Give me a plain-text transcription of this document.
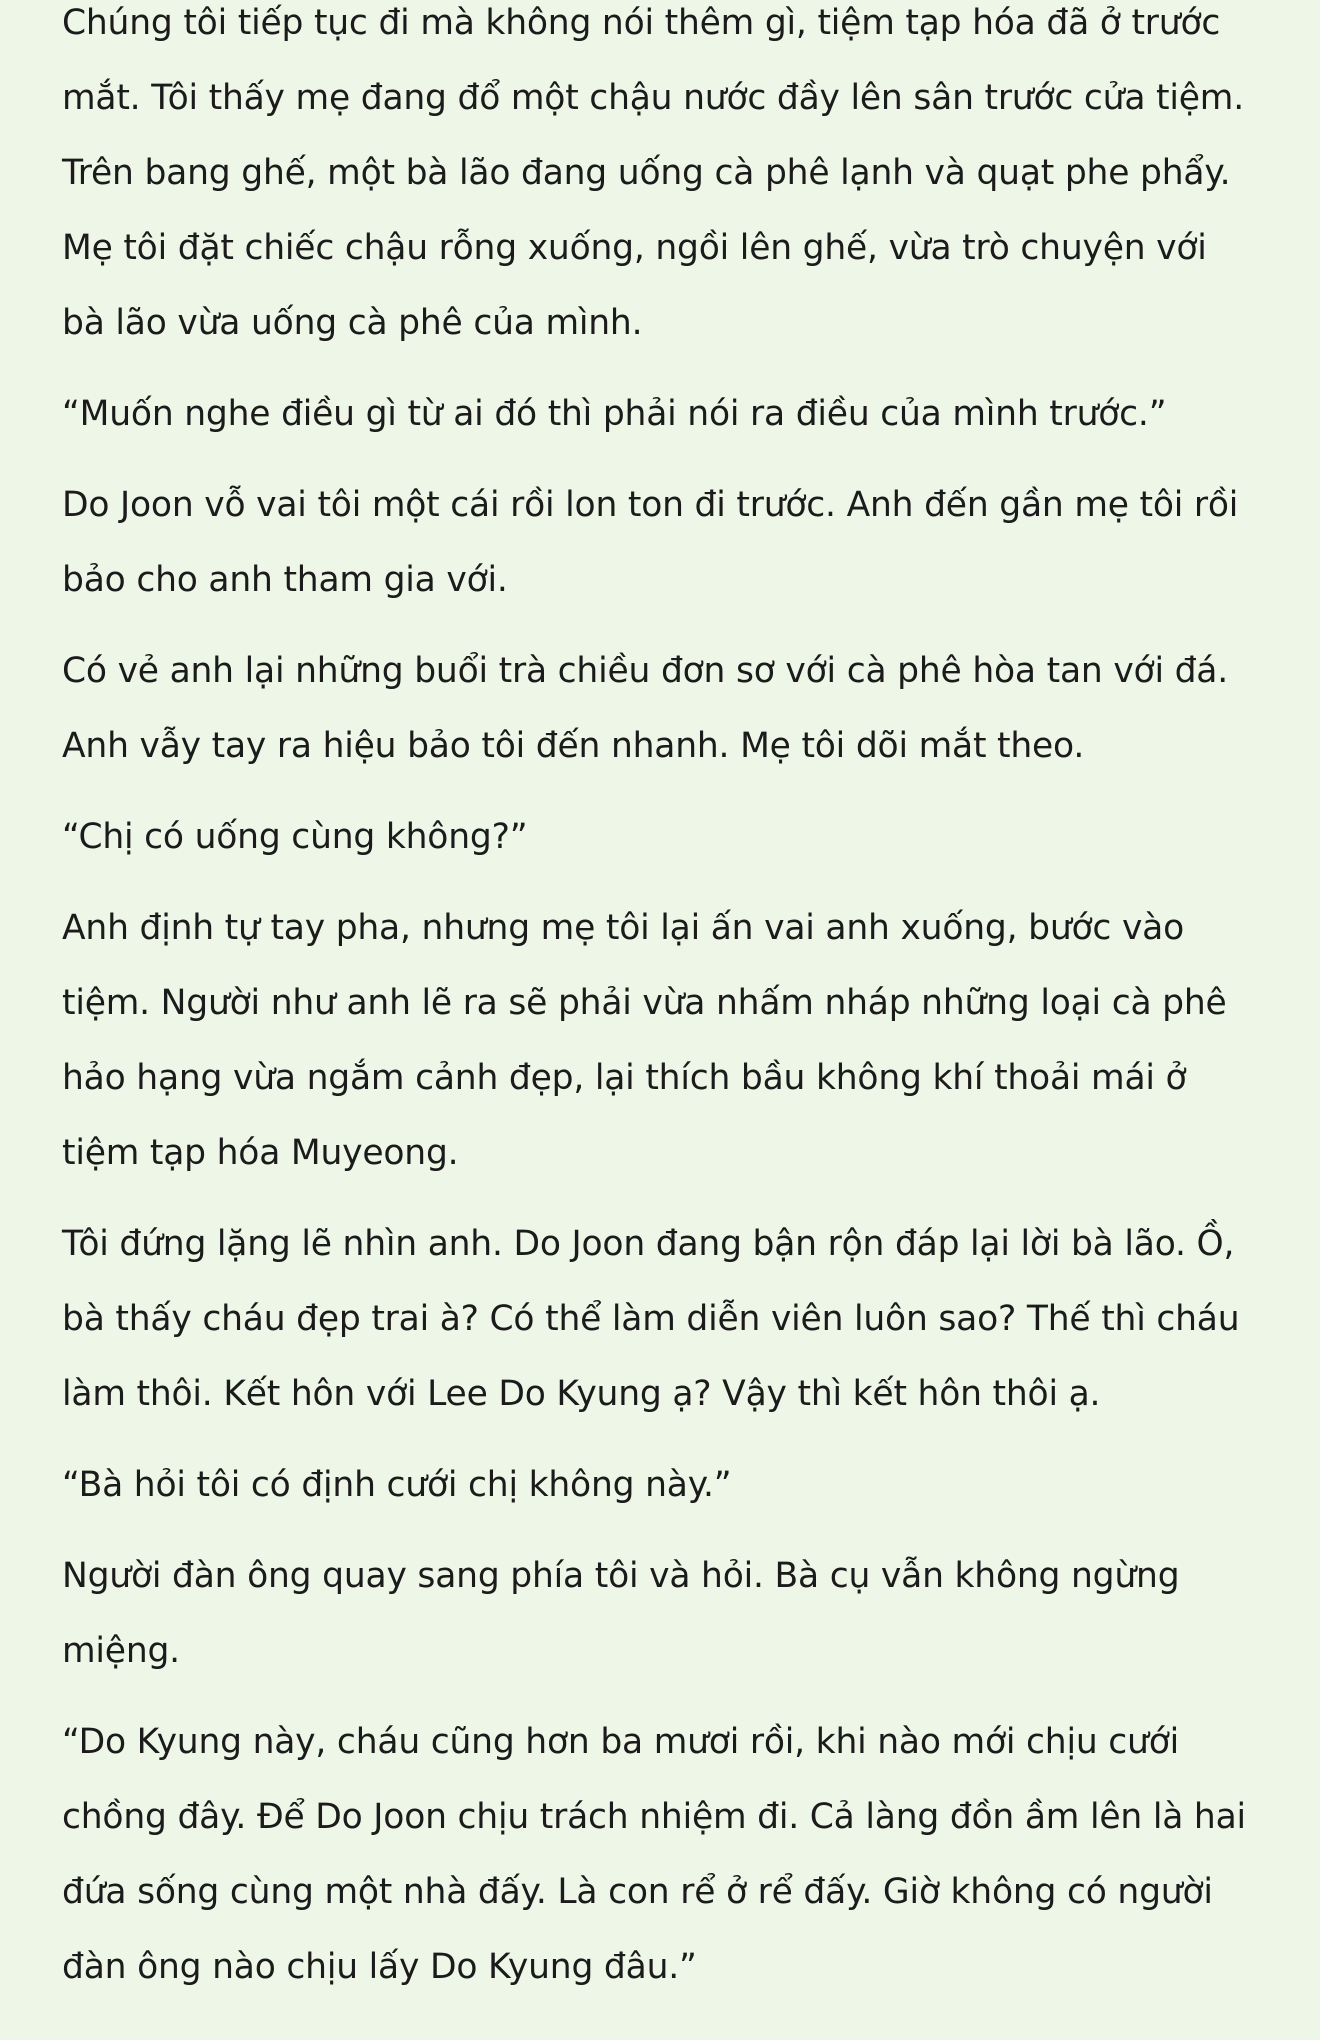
Chúng tôi tiếp tục đi mà không nói thêm gì, tiệm tạp hóa đã ở trước mắt. Tôi thấy mẹ đang đổ một chậu nước đầy lên sân trước cửa tiệm. Trên bang ghế, một bà lão đang uống cà phê lạnh và quạt phe phẩy. Mẹ tôi đặt chiếc chậu rỗng xuống, ngồi lên ghế, vừa trò chuyện với bà lão vừa uống cà phê của mình.

“Muốn nghe điều gì từ ai đó thì phải nói ra điều của mình trước.”

Do Joon vỗ vai tôi một cái rồi lon ton đi trước. Anh đến gần mẹ tôi rồi bảo cho anh tham gia với.

Có vẻ anh lại những buổi trà chiều đơn sơ với cà phê hòa tan với đá. Anh vẫy tay ra hiệu bảo tôi đến nhanh. Mẹ tôi dõi mắt theo.

“Chị có uống cùng không?”

Anh định tự tay pha, nhưng mẹ tôi lại ấn vai anh xuống, bước vào tiệm. Người như anh lẽ ra sẽ phải vừa nhấm nháp những loại cà phê hảo hạng vừa ngắm cảnh đẹp, lại thích bầu không khí thoải mái ở tiệm tạp hóa Muyeong.

Tôi đứng lặng lẽ nhìn anh. Do Joon đang bận rộn đáp lại lời bà lão. Ồ, bà thấy cháu đẹp trai à? Có thể làm diễn viên luôn sao? Thế thì cháu làm thôi. Kết hôn với Lee Do Kyung ạ? Vậy thì kết hôn thôi ạ.

“Bà hỏi tôi có định cưới chị không này.”

Người đàn ông quay sang phía tôi và hỏi. Bà cụ vẫn không ngừng miệng.

“Do Kyung này, cháu cũng hơn ba mươi rồi, khi nào mới chịu cưới chồng đây. Để Do Joon chịu trách nhiệm đi. Cả làng đồn ầm lên là hai đứa sống cùng một nhà đấy. Là con rể ở rể đấy. Giờ không có người đàn ông nào chịu lấy Do Kyung đâu.”
